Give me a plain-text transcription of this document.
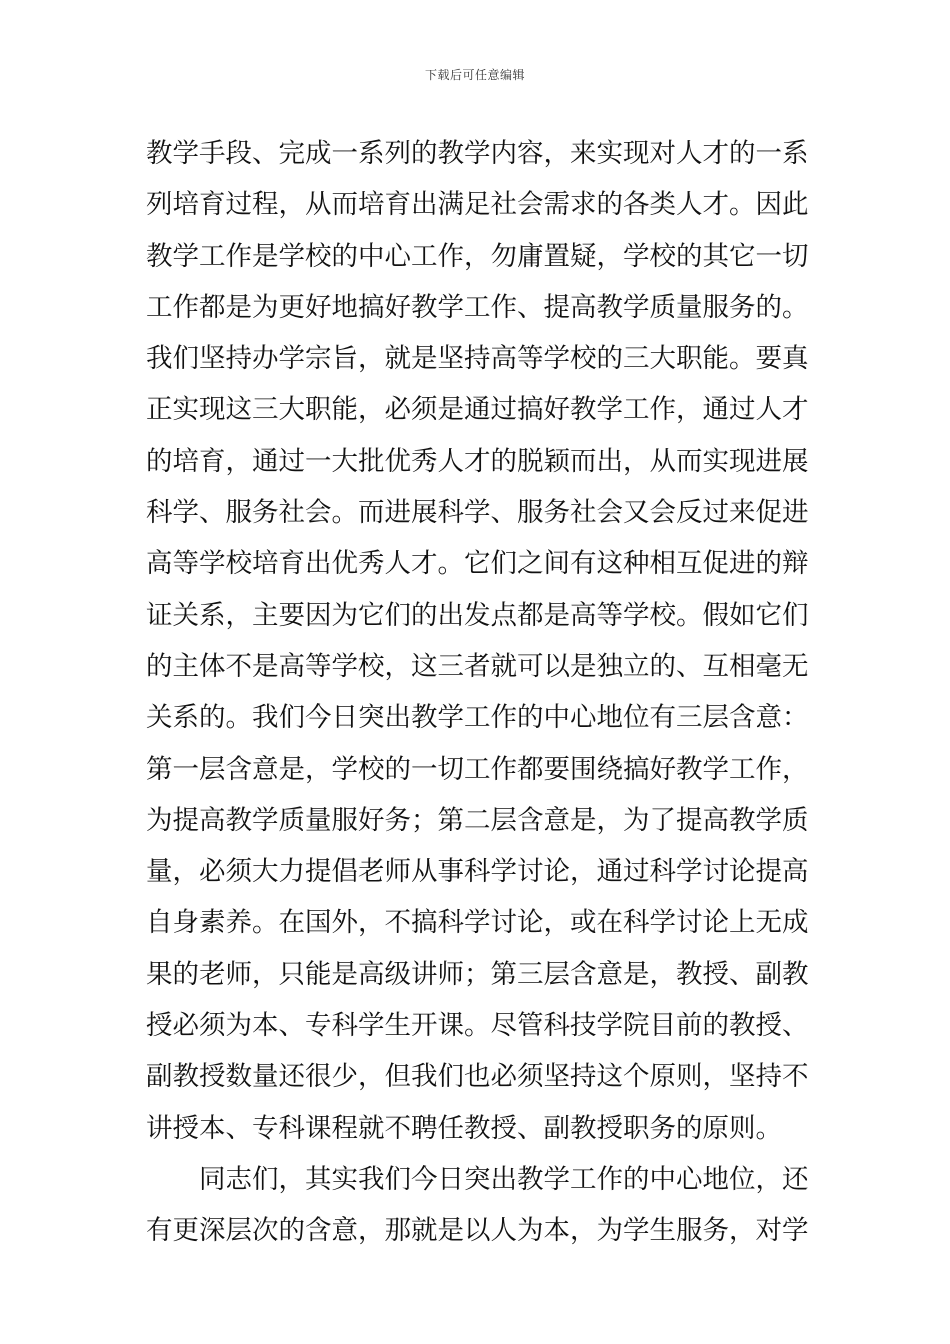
下载后可任意编辑
教学手段、完成一系列的教学内容，来实现对人才的一系
列培育过程，从而培育出满足社会需求的各类人才。因此
教学工作是学校的中心工作，勿庸置疑，学校的其它一切
工作都是为更好地搞好教学工作、提高教学质量服务的。
我们坚持办学宗旨，就是坚持高等学校的三大职能。要真
正实现这三大职能，必须是通过搞好教学工作，通过人才
的培育，通过一大批优秀人才的脱颖而出，从而实现进展
科学、服务社会。而进展科学、服务社会又会反过来促进
高等学校培育出优秀人才。它们之间有这种相互促进的辩
证关系，主要因为它们的出发点都是高等学校。假如它们
的主体不是高等学校，这三者就可以是独立的、互相毫无
关系的。我们今日突出教学工作的中心地位有三层含意：
第一层含意是，学校的一切工作都要围绕搞好教学工作，
为提高教学质量服好务；第二层含意是，为了提高教学质
量，必须大力提倡老师从事科学讨论，通过科学讨论提高
自身素养。在国外，不搞科学讨论，或在科学讨论上无成
果的老师，只能是高级讲师；第三层含意是，教授、副教
授必须为本、专科学生开课。尽管科技学院目前的教授、
副教授数量还很少，但我们也必须坚持这个原则，坚持不
讲授本、专科课程就不聘任教授、副教授职务的原则。
同志们，其实我们今日突出教学工作的中心地位，还
有更深层次的含意，那就是以人为本，为学生服务，对学
